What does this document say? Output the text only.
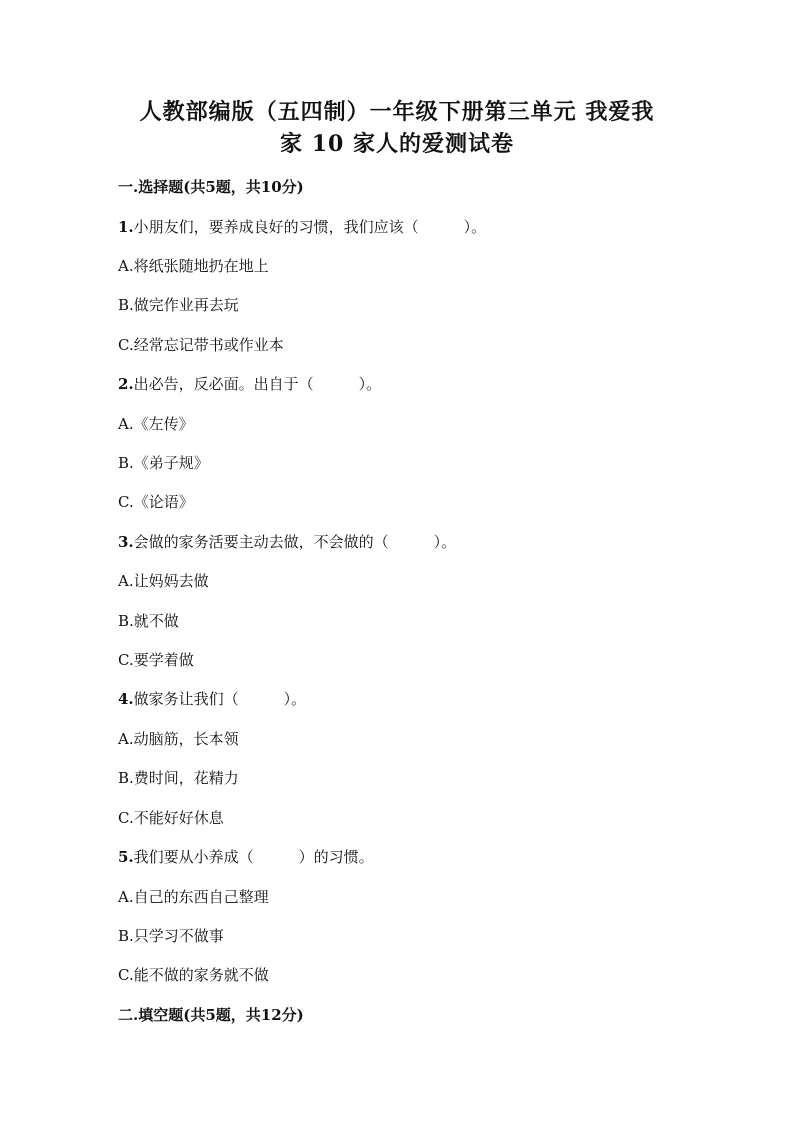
人教部编版（五四制）一年级下册第三单元 我爱我
家 10 家人的爱测试卷
一.选择题(共5题，共10分)
1.小朋友们，要养成良好的习惯，我们应该（　　　）。
A.将纸张随地扔在地上
B.做完作业再去玩
C.经常忘记带书或作业本
2.出必告，反必面。出自于（　　　）。
A.《左传》
B.《弟子规》
C.《论语》
3.会做的家务活要主动去做，不会做的（　　　）。
A.让妈妈去做
B.就不做
C.要学着做
4.做家务让我们（　　　）。
A.动脑筋，长本领
B.费时间，花精力
C.不能好好休息
5.我们要从小养成（　　　）的习惯。
A.自己的东西自己整理
B.只学习不做事
C.能不做的家务就不做
二.填空题(共5题，共12分)
